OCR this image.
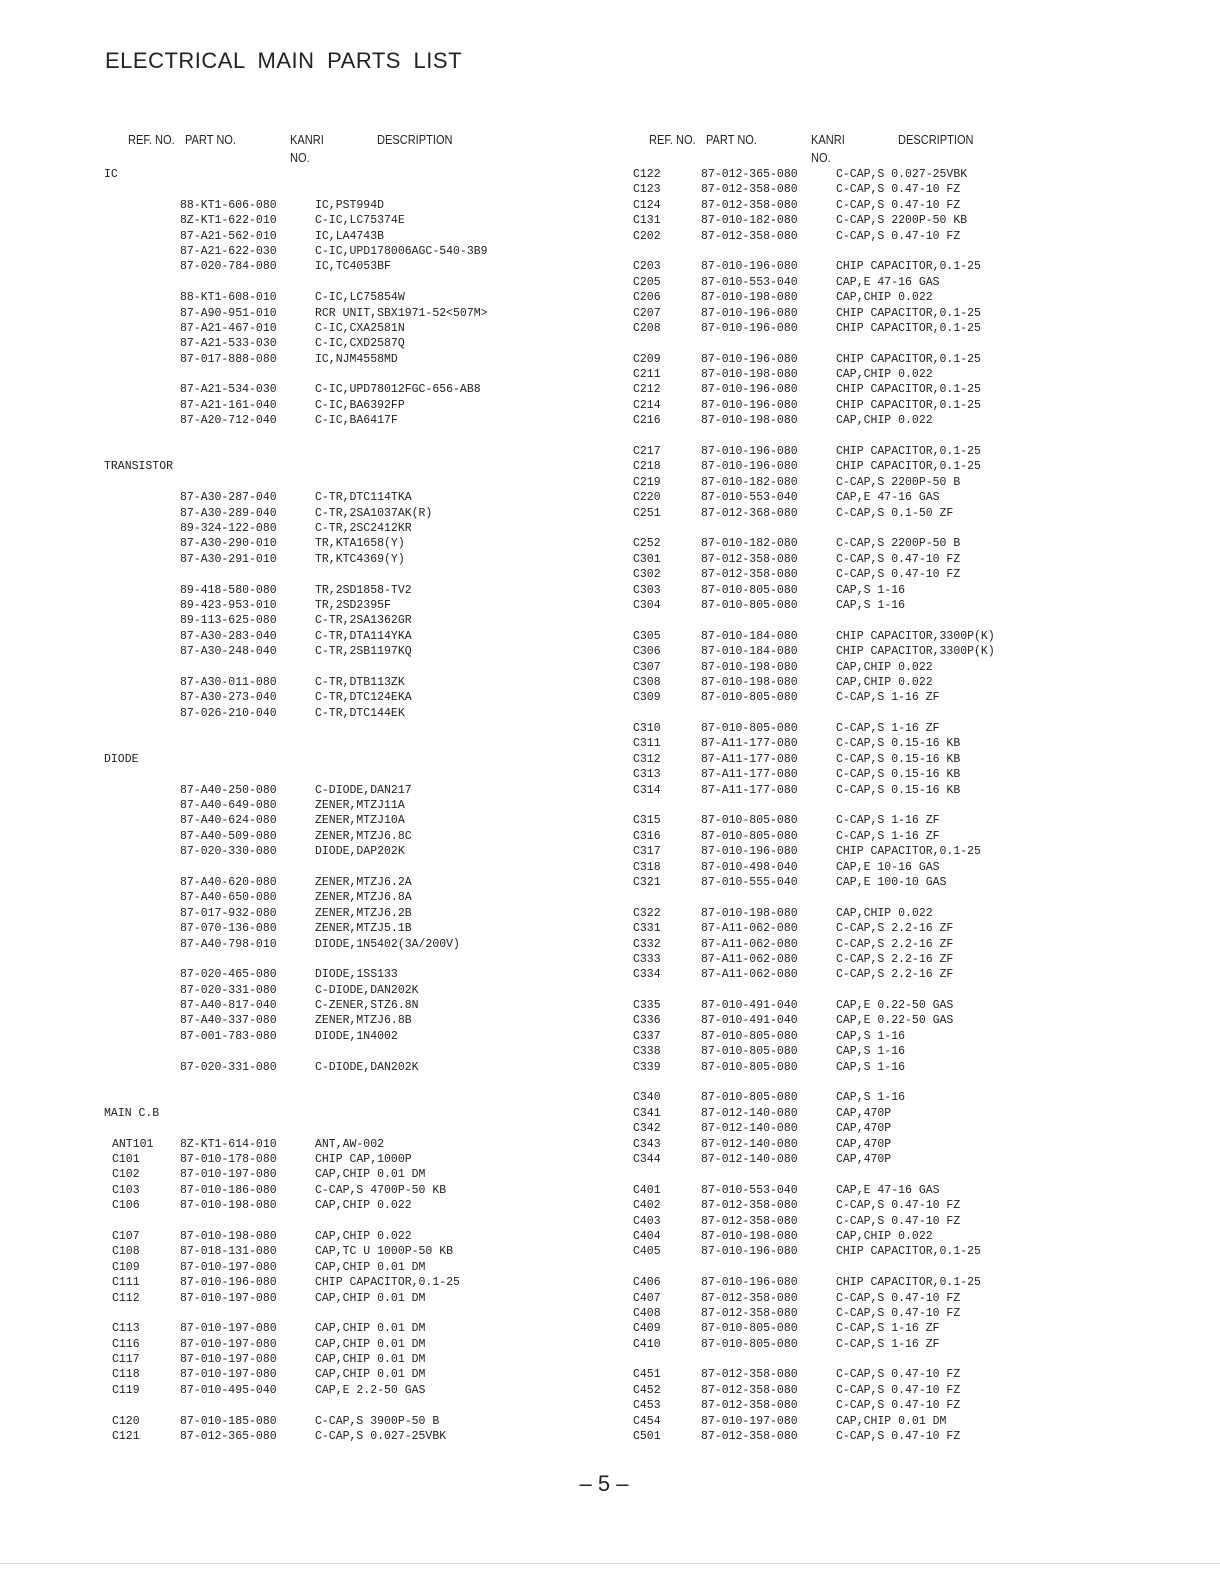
ELECTRICAL MAIN PARTS LIST
REF. NO. PART NO.	KANRI
NO.
DESCRIPTION	REF. NO. PART NO.	KANRI
NO.
DESCRIPTION
IC
88-KT1-606-080	IC,PST994D
8Z-KT1-622-010	C-IC,LC75374E
87-A21-562-010	IC,LA4743B
87-A21-622-030	C-IC,UPD178006AGC-540-3B9
87-020-784-080	IC,TC4053BF
88-KT1-608-010	C-IC,LC75854W
87-A90-951-010	RCR UNIT,SBX1971-52<507M>
87-A21-467-010	C-IC,CXA2581N
87-A21-533-030	C-IC,CXD2587Q
87-017-888-080	IC,NJM4558MD
87-A21-534-030	C-IC,UPD78012FGC-656-AB8
87-A21-161-040	C-IC,BA6392FP
87-A20-712-040	C-IC,BA6417F
TRANSISTOR
87-A30-287-040	C-TR,DTC114TKA
87-A30-289-040	C-TR,2SA1037AK(R)
89-324-122-080	C-TR,2SC2412KR
87-A30-290-010	TR,KTA1658(Y)
87-A30-291-010	TR,KTC4369(Y)
89-418-580-080	TR,2SD1858-TV2
89-423-953-010	TR,2SD2395F
89-113-625-080	C-TR,2SA1362GR
87-A30-283-040	C-TR,DTA114YKA
87-A30-248-040	C-TR,2SB1197KQ
87-A30-011-080	C-TR,DTB113ZK
87-A30-273-040	C-TR,DTC124EKA
87-026-210-040	C-TR,DTC144EK
DIODE
87-A40-250-080	C-DIODE,DAN217
87-A40-649-080	ZENER,MTZJ11A
87-A40-624-080	ZENER,MTZJ10A
87-A40-509-080	ZENER,MTZJ6.8C
87-020-330-080	DIODE,DAP202K
87-A40-620-080	ZENER,MTZJ6.2A
87-A40-650-080	ZENER,MTZJ6.8A
87-017-932-080	ZENER,MTZJ6.2B
87-070-136-080	ZENER,MTZJ5.1B
87-A40-798-010	DIODE,1N5402(3A/200V)
87-020-465-080	DIODE,1SS133
87-020-331-080	C-DIODE,DAN202K
87-A40-817-040	C-ZENER,STZ6.8N
87-A40-337-080	ZENER,MTZJ6.8B
87-001-783-080	DIODE,1N4002
87-020-331-080	C-DIODE,DAN202K
MAIN C.B
ANT101 8Z-KT1-614-010	ANT,AW-002
C101	87-010-178-080	CHIP CAP,1000P
C102	87-010-197-080	CAP,CHIP 0.01 DM
C103	87-010-186-080	C-CAP,S 4700P-50 KB
C106	87-010-198-080	CAP,CHIP 0.022
C107	87-010-198-080	CAP,CHIP 0.022
C108	87-018-131-080	CAP,TC U 1000P-50 KB
C109	87-010-197-080	CAP,CHIP 0.01 DM
C111	87-010-196-080	CHIP CAPACITOR,0.1-25
C112	87-010-197-080	CAP,CHIP 0.01 DM
C113	87-010-197-080	CAP,CHIP 0.01 DM
C116	87-010-197-080	CAP,CHIP 0.01 DM
C117	87-010-197-080	CAP,CHIP 0.01 DM
C118	87-010-197-080	CAP,CHIP 0.01 DM
C119	87-010-495-040	CAP,E 2.2-50 GAS
C120	87-010-185-080	C-CAP,S 3900P-50 B
C121	87-012-365-080	C-CAP,S 0.027-25VBK
C122	87-012-365-080	C-CAP,S 0.027-25VBK
C123	87-012-358-080	C-CAP,S 0.47-10 FZ
C124	87-012-358-080	C-CAP,S 0.47-10 FZ
C131	87-010-182-080	C-CAP,S 2200P-50 KB
C202	87-012-358-080	C-CAP,S 0.47-10 FZ
C203	87-010-196-080	CHIP CAPACITOR,0.1-25
C205	87-010-553-040	CAP,E 47-16 GAS
C206	87-010-198-080	CAP,CHIP 0.022
C207	87-010-196-080	CHIP CAPACITOR,0.1-25
C208	87-010-196-080	CHIP CAPACITOR,0.1-25
C209	87-010-196-080	CHIP CAPACITOR,0.1-25
C211	87-010-198-080	CAP,CHIP 0.022
C212	87-010-196-080	CHIP CAPACITOR,0.1-25
C214	87-010-196-080	CHIP CAPACITOR,0.1-25
C216	87-010-198-080	CAP,CHIP 0.022
C217	87-010-196-080	CHIP CAPACITOR,0.1-25
C218	87-010-196-080	CHIP CAPACITOR,0.1-25
C219	87-010-182-080	C-CAP,S 2200P-50 B
C220	87-010-553-040	CAP,E 47-16 GAS
C251	87-012-368-080	C-CAP,S 0.1-50 ZF
C252	87-010-182-080	C-CAP,S 2200P-50 B
C301	87-012-358-080	C-CAP,S 0.47-10 FZ
C302	87-012-358-080	C-CAP,S 0.47-10 FZ
C303	87-010-805-080	CAP,S 1-16
C304	87-010-805-080	CAP,S 1-16
C305	87-010-184-080	CHIP CAPACITOR,3300P(K)
C306	87-010-184-080	CHIP CAPACITOR,3300P(K)
C307	87-010-198-080	CAP,CHIP 0.022
C308	87-010-198-080	CAP,CHIP 0.022
C309	87-010-805-080	C-CAP,S 1-16 ZF
C310	87-010-805-080	C-CAP,S 1-16 ZF
C311	87-A11-177-080	C-CAP,S 0.15-16 KB
C312	87-A11-177-080	C-CAP,S 0.15-16 KB
C313	87-A11-177-080	C-CAP,S 0.15-16 KB
C314	87-A11-177-080	C-CAP,S 0.15-16 KB
C315	87-010-805-080	C-CAP,S 1-16 ZF
C316	87-010-805-080	C-CAP,S 1-16 ZF
C317	87-010-196-080	CHIP CAPACITOR,0.1-25
C318	87-010-498-040	CAP,E 10-16 GAS
C321	87-010-555-040	CAP,E 100-10 GAS
C322	87-010-198-080	CAP,CHIP 0.022
C331	87-A11-062-080	C-CAP,S 2.2-16 ZF
C332	87-A11-062-080	C-CAP,S 2.2-16 ZF
C333	87-A11-062-080	C-CAP,S 2.2-16 ZF
C334	87-A11-062-080	C-CAP,S 2.2-16 ZF
C335	87-010-491-040	CAP,E 0.22-50 GAS
C336	87-010-491-040	CAP,E 0.22-50 GAS
C337	87-010-805-080	CAP,S 1-16
C338	87-010-805-080	CAP,S 1-16
C339	87-010-805-080	CAP,S 1-16
C340	87-010-805-080	CAP,S 1-16
C341	87-012-140-080	CAP,470P
C342	87-012-140-080	CAP,470P
C343	87-012-140-080	CAP,470P
C344	87-012-140-080	CAP,470P
C401	87-010-553-040	CAP,E 47-16 GAS
C402	87-012-358-080	C-CAP,S 0.47-10 FZ
C403	87-012-358-080	C-CAP,S 0.47-10 FZ
C404	87-010-198-080	CAP,CHIP 0.022
C405	87-010-196-080	CHIP CAPACITOR,0.1-25
C406	87-010-196-080	CHIP CAPACITOR,0.1-25
C407	87-012-358-080	C-CAP,S 0.47-10 FZ
C408	87-012-358-080	C-CAP,S 0.47-10 FZ
C409	87-010-805-080	C-CAP,S 1-16 ZF
C410	87-010-805-080	C-CAP,S 1-16 ZF
C451	87-012-358-080	C-CAP,S 0.47-10 FZ
C452	87-012-358-080	C-CAP,S 0.47-10 FZ
C453	87-012-358-080	C-CAP,S 0.47-10 FZ
C454	87-010-197-080	CAP,CHIP 0.01 DM
C501	87-012-358-080	C-CAP,S 0.47-10 FZ
– 5 –
